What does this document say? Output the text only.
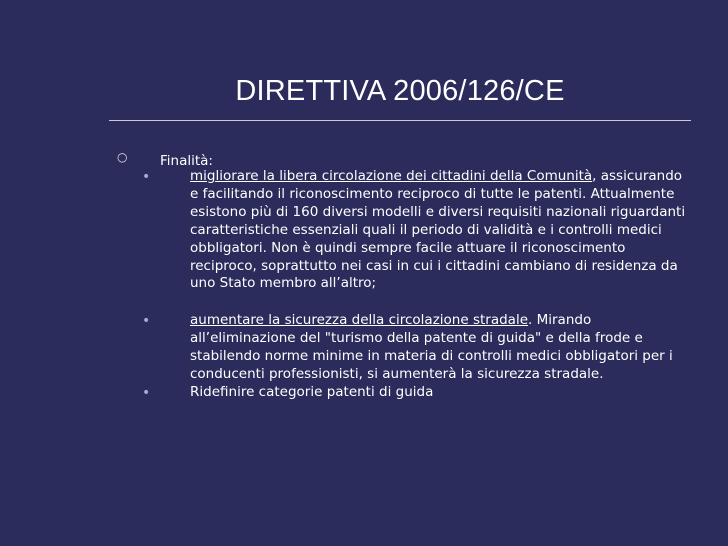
DIRETTIVA 2006/126/CE
○ Finalità:
•	migliorare la libera circolazione dei cittadini della Comunità, assicurando e facilitando il riconoscimento reciproco di tutte le patenti. Attualmente esistono più di 160 diversi modelli e diversi requisiti nazionali riguardanti caratteristiche essenziali quali il periodo di validità e i controlli medici obbligatori. Non è quindi sempre facile attuare il riconoscimento reciproco, soprattutto nei casi in cui i cittadini cambiano di residenza da uno Stato membro all’altro;
•	aumentare la sicurezza della circolazione stradale. Mirando all’eliminazione del "turismo della patente di guida" e della frode e stabilendo norme minime in materia di controlli medici obbligatori per i conducenti professionisti, si aumenterà la sicurezza stradale.
•	Ridefinire categorie patenti di guida
